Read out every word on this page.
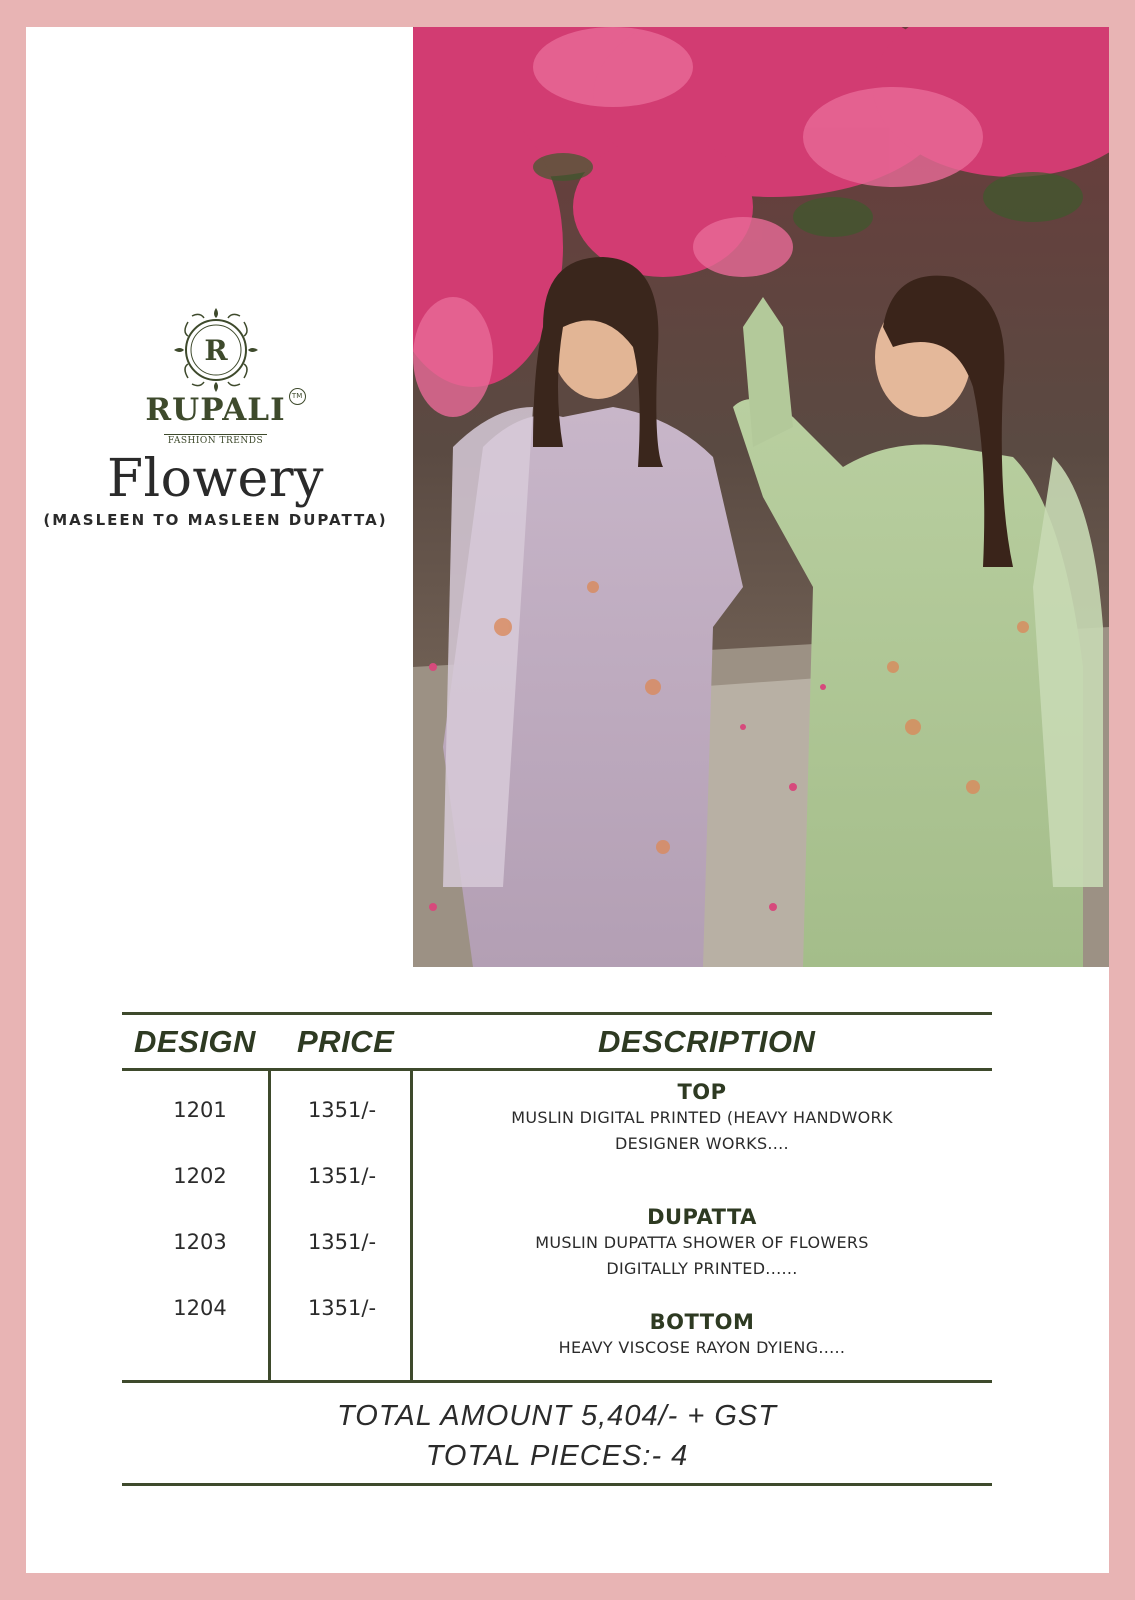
R
RUPALI TM
FASHION TRENDS
Flowery
(MASLEEN TO MASLEEN DUPATTA)
DESIGN PRICE	DESCRIPTION
1201	1351/-
1202	1351/-
1203	1351/-
1204	1351/-
TOP
MUSLIN DIGITAL PRINTED (HEAVY HANDWORK
DESIGNER WORKS....
DUPATTA
MUSLIN DUPATTA SHOWER OF FLOWERS
DIGITALLY PRINTED......
BOTTOM
HEAVY VISCOSE RAYON DYIENG.....
TOTAL AMOUNT 5,404/- + GST
TOTAL PIECES:- 4
